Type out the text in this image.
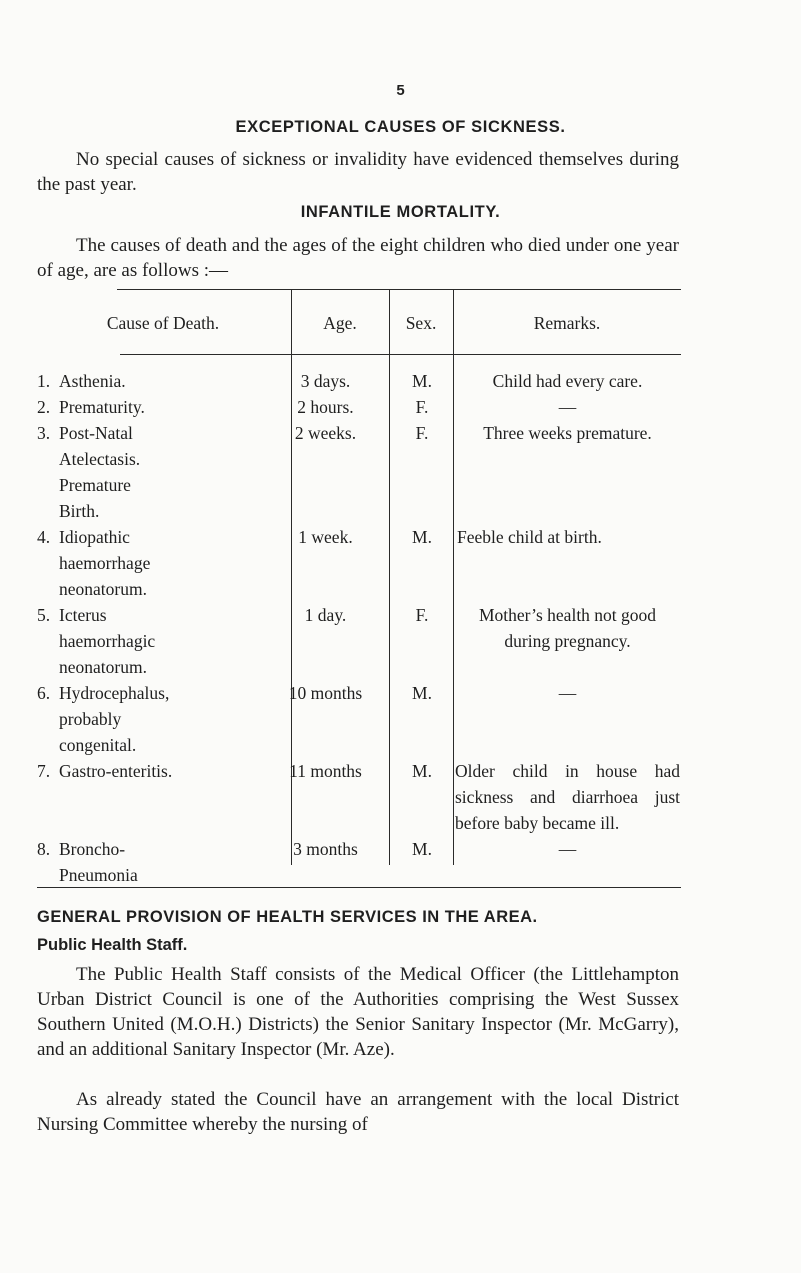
5
EXCEPTIONAL CAUSES OF SICKNESS.

No special causes of sickness or invalidity have evidenced themselves during the past year.

INFANTILE MORTALITY.

The causes of death and the ages of the eight children who died under one year of age, are as follows :—

Cause of Death.	Age.	Sex.	Remarks.
1. Asthenia.	3 days.	M.	Child had every care.
2. Prematurity.	2 hours.	F.	—
3. Post-Natal
Atelectasis.
Premature
Birth.
2 weeks.	F.	Three weeks premature.
4. Idiopathic
haemorrhage
neonatorum.
1 week.	M.	Feeble child at birth.
5. Icterus
haemorrhagic
neonatorum.
1 day.	F.	Mother’s health not good during pregnancy.
6. Hydrocephalus,
probably
congenital.
10 months	M.	—
7. Gastro-enteritis.	11 months	M.	Older child in house had sickness and diarrhoea just before baby became ill.
8. Broncho-
Pneumonia
3 months	M.	—
GENERAL PROVISION OF HEALTH SERVICES IN THE AREA.
Public Health Staff.

The Public Health Staff consists of the Medical Officer (the Littlehampton Urban District Council is one of the Authorities comprising the West Sussex Southern United (M.O.H.) Districts) the Senior Sanitary Inspector (Mr. McGarry), and an additional Sanitary Inspector (Mr. Aze).

As already stated the Council have an arrangement with the local District Nursing Committee whereby the nursing of
